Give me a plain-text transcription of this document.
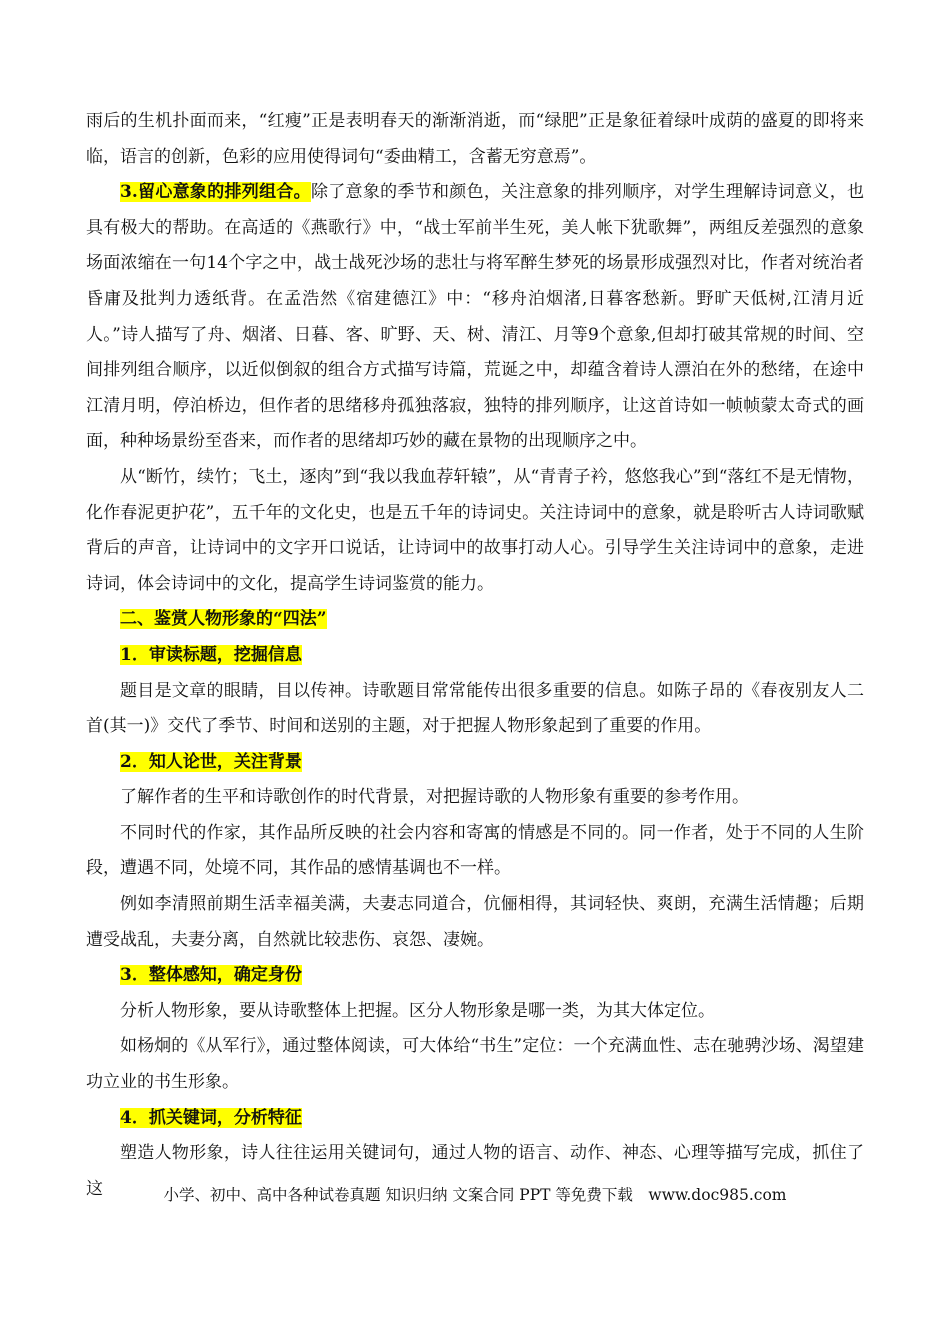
雨后的生机扑面而来，“红瘦”正是表明春天的渐渐消逝，而“绿肥”正是象征着绿叶成荫的盛夏的即将来临，语言的创新，色彩的应用使得词句“委曲精工，含蓄无穷意焉”。

3.留心意象的排列组合。除了意象的季节和颜色，关注意象的排列顺序，对学生理解诗词意义，也具有极大的帮助。在高适的《燕歌行》中，“战士军前半生死，美人帐下犹歌舞”，两组反差强烈的意象场面浓缩在一句14个字之中，战士战死沙场的悲壮与将军醉生梦死的场景形成强烈对比，作者对统治者昏庸及批判力透纸背。在孟浩然《宿建德江》中：“移舟泊烟渚,日暮客愁新。野旷天低树,江清月近人。”诗人描写了舟、烟渚、日暮、客、旷野、天、树、清江、月等9个意象,但却打破其常规的时间、空间排列组合顺序，以近似倒叙的组合方式描写诗篇，荒诞之中，却蕴含着诗人漂泊在外的愁绪，在途中江清月明，停泊桥边，但作者的思绪移舟孤独落寂，独特的排列顺序，让这首诗如一帧帧蒙太奇式的画面，种种场景纷至沓来，而作者的思绪却巧妙的藏在景物的出现顺序之中。

从“断竹，续竹；飞土，逐肉”到“我以我血荐轩辕”，从“青青子衿，悠悠我心”到“落红不是无情物，化作春泥更护花”，五千年的文化史，也是五千年的诗词史。关注诗词中的意象，就是聆听古人诗词歌赋背后的声音，让诗词中的文字开口说话，让诗词中的故事打动人心。引导学生关注诗词中的意象，走进诗词，体会诗词中的文化，提高学生诗词鉴赏的能力。

二、鉴赏人物形象的“四法”

1．审读标题，挖掘信息

题目是文章的眼睛，目以传神。诗歌题目常常能传出很多重要的信息。如陈子昂的《春夜别友人二首(其一)》交代了季节、时间和送别的主题，对于把握人物形象起到了重要的作用。

2．知人论世，关注背景

了解作者的生平和诗歌创作的时代背景，对把握诗歌的人物形象有重要的参考作用。

不同时代的作家，其作品所反映的社会内容和寄寓的情感是不同的。同一作者，处于不同的人生阶段，遭遇不同，处境不同，其作品的感情基调也不一样。

例如李清照前期生活幸福美满，夫妻志同道合，伉俪相得，其词轻快、爽朗，充满生活情趣；后期遭受战乱，夫妻分离，自然就比较悲伤、哀怨、凄婉。

3．整体感知，确定身份

分析人物形象，要从诗歌整体上把握。区分人物形象是哪一类，为其大体定位。

如杨炯的《从军行》，通过整体阅读，可大体给“书生”定位：一个充满血性、志在驰骋沙场、渴望建功立业的书生形象。

4．抓关键词，分析特征

塑造人物形象，诗人往往运用关键词句，通过人物的语言、动作、神态、心理等描写完成，抓住了这	小学、初中、高中各种试卷真题 知识归纳 文案合同 PPT 等免费下载　www.doc985.com
